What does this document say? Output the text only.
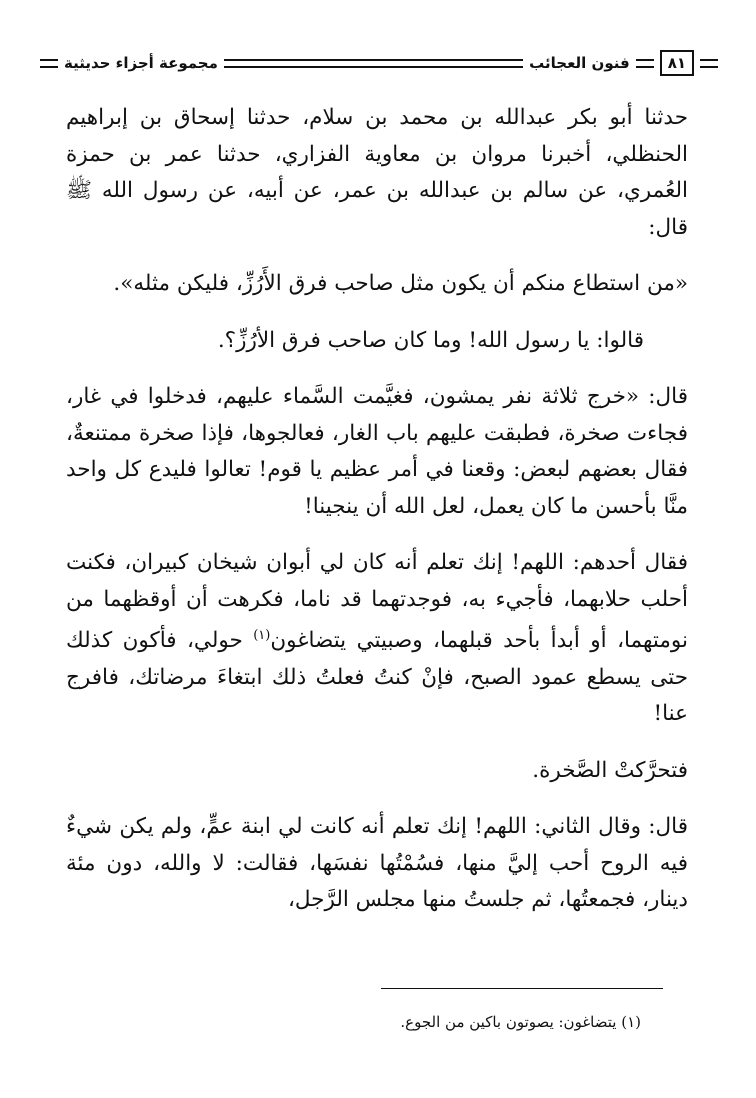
مجموعة أجزاء حديثية	فنون العجائب	٨١

حدثنا أبو بكر عبدالله بن محمد بن سلام، حدثنا إسحاق بن إبراهيم الحنظلي، أخبرنا مروان بن معاوية الفزاري، حدثنا عمر بن حمزة العُمري، عن سالم بن عبدالله بن عمر، عن أبيه، عن رسول الله ﷺ قال:

«من استطاع منكم أن يكون مثل صاحب فرق الأَرُزِّ، فليكن مثله».

قالوا: يا رسول الله! وما كان صاحب فرق الأرُزِّ؟.

قال: «خرج ثلاثة نفر يمشون، فغيَّمت السَّماء عليهم، فدخلوا في غار، فجاءت صخرة، فطبقت عليهم باب الغار، فعالجوها، فإذا صخرة ممتنعةٌ، فقال بعضهم لبعض: وقعنا في أمر عظيم يا قوم! تعالوا فليدع كل واحد منَّا بأحسن ما كان يعمل، لعل الله أن ينجينا!

فقال أحدهم: اللهم! إنك تعلم أنه كان لي أبوان شيخان كبيران، فكنت أحلب حلابهما، فأجيء به، فوجدتهما قد ناما، فكرهت أن أوقظهما من نومتهما، أو أبدأ بأحد قبلهما، وصبيتي يتضاغون$^{(١)}$ حولي، فأكون كذلك حتى يسطع عمود الصبح، فإنْ كنتُ فعلتُ ذلك ابتغاءَ مرضاتك، فافرج عنا!

فتحرَّكتْ الصَّخرة.

قال: وقال الثاني: اللهم! إنك تعلم أنه كانت لي ابنة عمٍّ، ولم يكن شيءٌ فيه الروح أحب إليَّ منها، فسُمْتُها نفسَها، فقالت: لا والله، دون مئة دينار، فجمعتُها، ثم جلستُ منها مجلس الرَّجل،

(١) يتضاغون: يصوتون باكين من الجوع.
